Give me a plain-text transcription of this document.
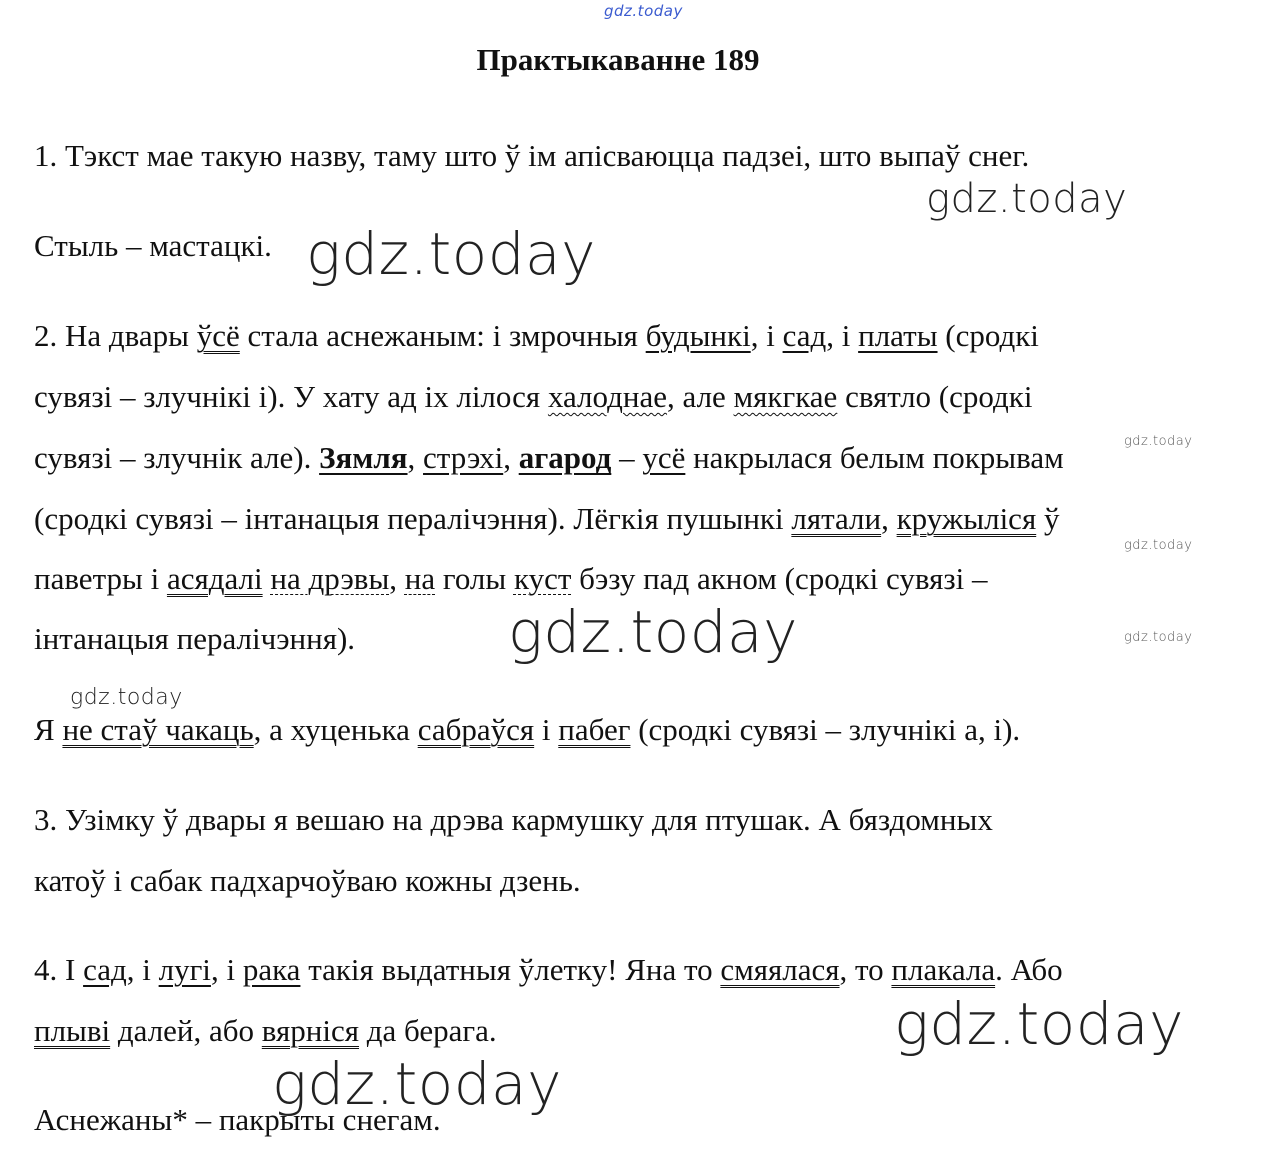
gdz.today
gdz.today
gdz.today
gdz.today
gdz.today
gdz.today	gdz.today
gdz.today
gdz.today
gdz.today
Практыкаванне 189
1. Тэкст мае такую назву, таму што ў ім апісваюцца падзеі, што выпаў снег.
Стыль – мастацкі.
2. На двары ўсё стала аснежаным: і змрочныя будынкі, і сад, і платы (сродкі
сувязі – злучнікі і). У хату ад іх лілося халоднае, але мякгкае святло (сродкі
сувязі – злучнік але). Зямля, стрэхі, агарод – усё накрылася белым покрывам
(сродкі сувязі – інтанацыя пералічэння). Лёгкія пушынкі лятали, кружыліся ў
паветры і асядалі на дрэвы, на голы куст бэзу пад акном (сродкі сувязі –
інтанацыя пералічэння).
Я не стаў чакаць, а хуценька сабраўся і пабег (сродкі сувязі – злучнікі а, і).
3. Узімку ў двары я вешаю на дрэва кармушку для птушак. А бяздомных
катоў і сабак падхарчоўваю кожны дзень.
4. І сад, і лугі, і рака такія выдатныя ўлетку! Яна то смяялася, то плакала. Або
плыві далей, або вярніся да берага.
Аснежаны* – пакрыты снегам.
